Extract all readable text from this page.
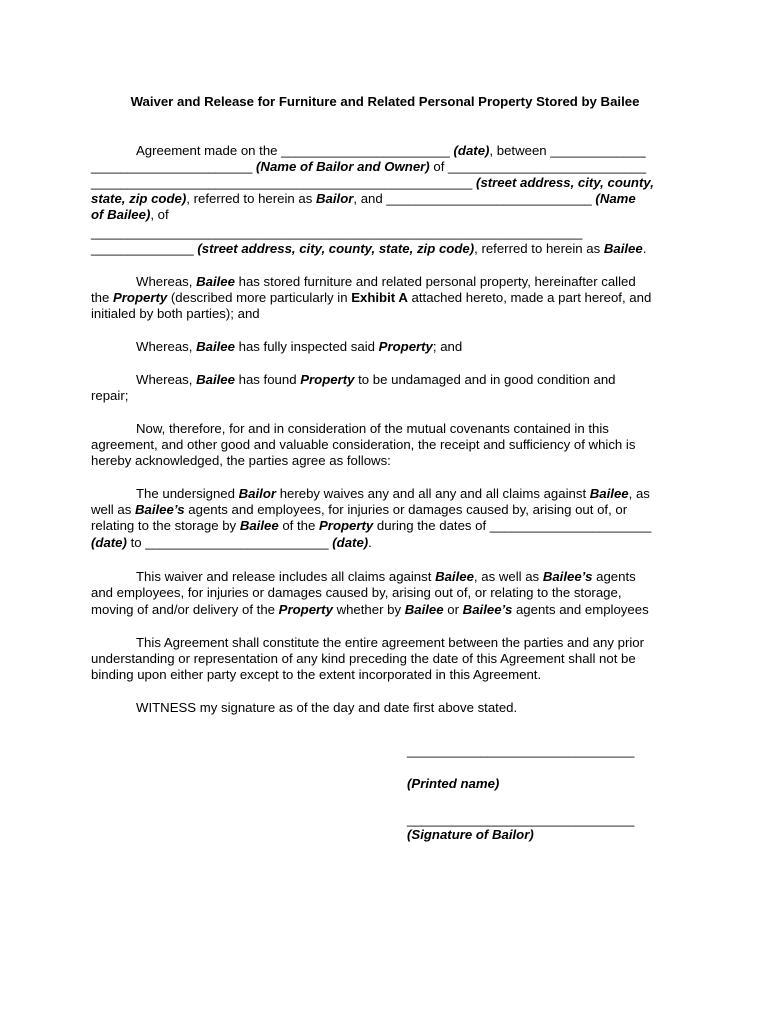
Waiver and Release for Furniture and Related Personal Property Stored by Bailee

Agreement made on the _______________________ (date), between _____________

______________________ (Name of Bailor and Owner) of ___________________________

____________________________________________________ (street address, city, county,

state, zip code), referred to herein as Bailor, and ____________________________ (Name

of Bailee), of

___________________________________________________________________

______________ (street address, city, county, state, zip code), referred to herein as Bailee.

Whereas, Bailee has stored furniture and related personal property, hereinafter called

the Property (described more particularly in Exhibit A attached hereto, made a part hereof, and

initialed by both parties); and

Whereas, Bailee has fully inspected said Property; and

Whereas, Bailee has found Property to be undamaged and in good condition and

repair;

Now, therefore, for and in consideration of the mutual covenants contained in this

agreement, and other good and valuable consideration, the receipt and sufficiency of which is

hereby acknowledged, the parties agree as follows:

The undersigned Bailor hereby waives any and all any and all claims against Bailee, as

well as Bailee’s agents and employees, for injuries or damages caused by, arising out of, or

relating to the storage by Bailee of the Property during the dates of ______________________

(date) to _________________________ (date).

This waiver and release includes all claims against Bailee, as well as Bailee’s agents

and employees, for injuries or damages caused by, arising out of, or relating to the storage,

moving of and/or delivery of the Property whether by Bailee or Bailee’s agents and employees

This Agreement shall constitute the entire agreement between the parties and any prior

understanding or representation of any kind preceding the date of this Agreement shall not be

binding upon either party except to the extent incorporated in this Agreement.

WITNESS my signature as of the day and date first above stated.

_______________________________

(Printed name)

_______________________________

(Signature of Bailor)
